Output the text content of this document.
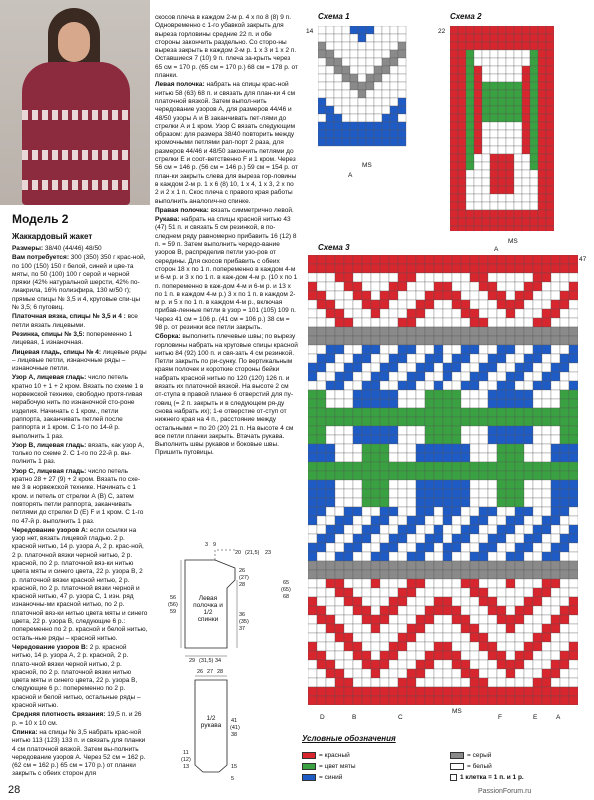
Модель 2
Жаккардовый жакет
Размеры: 38/40 (44/46) 48/50
Вам потребуется: 300 (350) 350 г крас-ной, по 100 (150) 150 г белой, синей и цве-та мяты, по 50 (100) 100 г серой и черной пряжи (42% натуральной шерсти, 42% по-лиакрила, 16% полиэфира, 130 м/50 г); прямые спицы № 3,5 и 4, круговые спи-цы № 3,5; 6 пуговиц.
Платочная вязка, спицы № 3,5 и 4 : все петли вязать лицевыми.
Резинка, спицы № 3,5: попеременно 1 лицевая, 1 изнаночная.
Лицевая гладь, спицы № 4: лицевые ряды – лицевые петли, изнаночные ряды – изнаночные петли.
Узор А, лицевая гладь: число петель кратно 10 + 1 + 2 кром. Вязать по схеме 1 в норвежской технике, свободно протя-гивая нерабочую нить по изнаночной сто-роне изделия. Начинать с 1 кром., петли раппорта, заканчивать петлей после раппорта и 1 кром. С 1-го по 14-й р. выполнить 1 раз.
Узор В, лицевая гладь: вязать, как узор А, только по схеме 2. С 1-го по 22-й р. вы-полнить 1 раз.
Узор С, лицевая гладь: число петель кратно 28 + 27 (9) + 2 кром. Вязать по схе-ме 3 в норвежской технике. Начинать с 1 кром. и петель от стрелки А (В) С, затем повторять петли раппорта, заканчивать петлями до стрелки D (E) F и 1 кром. С 1-го по 47-й р. выполнить 1 раз.
Чередование узоров А: если ссылки на узор нет, вязать лицевой гладью. 2 р. красной нитью, 14 р. узора А, 2 р. крас-ной, 2 р. платочной вязки черной нитью, 2 р. красной, по 2 р. платочной вяз-ки нитью цвета мяты и синего цвета, 22 р. узора В, 2 р. платочной вязки красной нитью, 2 р. красной, по 2 р. платочной вязки черной и красной нитью, 47 р. узора С, 1 изн. ряд изнаночны-ми красной нитью, по 2 р. платочной вяз-ки нитью цвета мяты и синего цвета, 22 р. узора В, следующие 6 р.: попеременно по 2 р. красной и белой нитью, осталь-ные ряды – красной нитью.
Чередование узоров В: 2 р. красной нитью, 14 р. узора А, 2 р. красной, 2 р. плато-чной вязки черной нитью, 2 р. красной, по 2 р. платочной вязки нитью цвета мяты и синего цвета, 22 р. узора В, следующие 6 р.: попеременно по 2 р. красной и белой нитью, остальные ряды – красной нитью.
Средняя плотность вязания: 19,5 п. и 26 р. = 10 х 10 см.
Спинка: на спицы № 3,5 набрать крас-ной нитью 113 (123) 133 п. и связать для планки 4 см платочной вязкой. Затем вы-полнить чередование узоров А. Через 52 см = 162 р. (62 см = 162 р.) 65 см = 170 р.) от планки закрыть с обеих сторон для
скосов плеча в каждом 2-м р. 4 х по 8 (8) 9 п. Одновременно с 1-го убавкой закрыть для выреза горловины средние 22 п. и обе стороны закончить раздельно. Со сторо-ны выреза закрыть в каждом 2-м р. 1 х 3 и 1 х 2 п. Оставшиеся 7 (10) 9 п. плеча за-крыть через 65 см = 170 р. (65 см = 170 р.) 68 см = 178 р. от планки.
Левая полочка: набрать на спицы крас-ной нитью 58 (63) 68 п. и связать для план-ки 4 см платочной вязкой. Затем выпол-нить чередование узоров А, для размеров 44/46 и 48/50 узоры А и В заканчивать пет-лями до стрелки А и 1 кром. Узор С вязать следующим образом: для размера 38/40 повторить между кромочными петлями рап-порт 2 раза, для размеров 44/46 и 48/50 закончить петлями до стрелки Е и соот-ветственно F и 1 кром. Через 56 см = 146 р. (56 см = 146 р.) 59 см = 154 р. от план-ки закрыть слева для выреза гор-ловины в каждом 2-м р. 1 х 6 (8) 10, 1 х 4, 1 х 3, 2 х по 2 и 2 х 1 п. Скос плеча с правого края работы выполнить аналогич-но спинке.
Правая полочка: вязать симметрично левой.
Рукава: набрать на спицы красной нитью 43 (47) 51 п. и связать 5 см резинкой, в по-следнем ряду равномерно прибавить 16 (12) 8 п. = 59 п. Затем выполнить чередо-вание узоров В, распределив петли узо-ров от середины. Для скосов прибавить с обеих сторон 18 х по 1 п. попеременно в каждом 4-м и 6-м р. и 3 х по 1 п. в каж-дом 4-м р. (10 х по 1 п. попеременно в каж-дом 4-м и 6-м р. и 13 х по 1 п. в каждом 4-м р.) 3 х по 1 п. в каждом 2-м р. и 5 х по 1 п. в каждом 4-м р., включая прибав-ленные петли в узор = 101 (105) 109 п. Через 41 см = 106 р. (41 см = 106 р.) 38 см = 98 р. от резинки все петли закрыть.
Сборка: выполнить плечевые швы; по вырезу горловины набрать на круговые спицы красной нитью 84 (92) 100 п. и свя-зать 4 см резинкой. Петли закрыть по ри-сунку. По вертикальным краям полочек и короткие стороны бейки набрать красной нитью по 120 (120) 126 п. и вязать их платочной вязкой. На высоте 2 см от-ступа в правой планке 6 отверстий для пу-говиц (= 2 п. закрыть и в следующем ря-ду снова набрать их); 1-е отверстие от-ступ от нижнего края на 4 п., расстояние между остальными = по 20 (20) 21 п. На высоте 4 см все петли планки закрыть. Втачать рукава. Выполнить швы рукавов и боковые швы. Пришить пуговицы.
Схема 1	Схема 2
Схема 3
14	22
47
A
MS
A
MS
D	B	C
MS
F	E	A
Левая полочка и 1/2 спинки
1/2 рукава
3 9
20 (21,5) 23
56
(56)
59
65
(65)
68
26
(27)
28
36
(35)
37
29 (31,5) 34
26 27 28
11
(12)
13
41
(41)
38
15
5
Условные обозначения
= красный	= серый
= цвет мяты	= белый
= синий	1 клетка = 1 п. и 1 р.
28	PassionForum.ru
